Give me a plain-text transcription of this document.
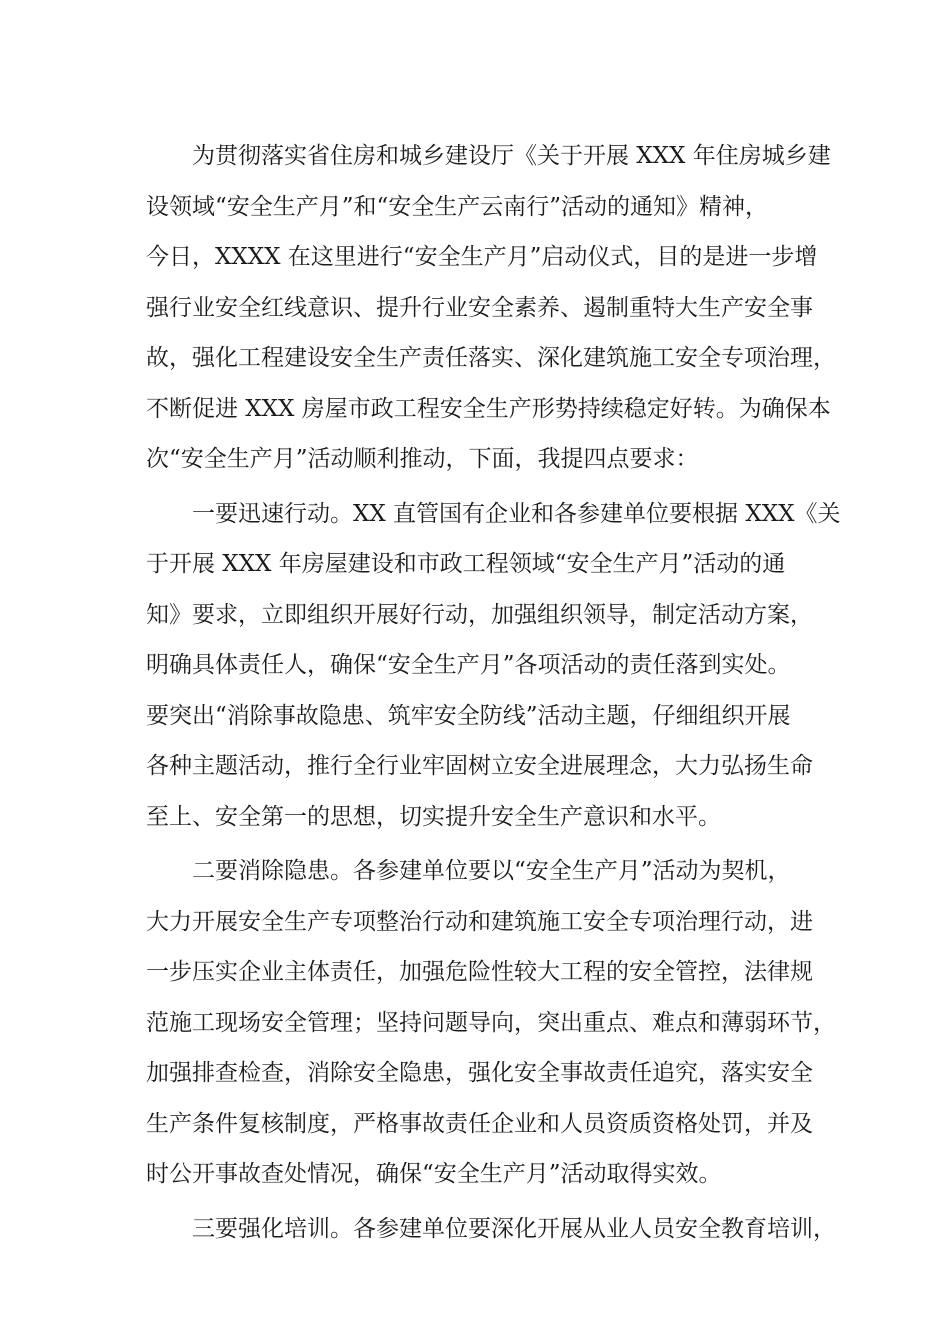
为贯彻落实省住房和城乡建设厅《关于开展 XXX 年住房城乡建
设领域“安全生产月”和“安全生产云南行”活动的通知》精神，
今日，XXXX 在这里进行“安全生产月”启动仪式，目的是进一步增
强行业安全红线意识、提升行业安全素养、遏制重特大生产安全事
故，强化工程建设安全生产责任落实、深化建筑施工安全专项治理，
不断促进 XXX 房屋市政工程安全生产形势持续稳定好转。为确保本
次“安全生产月”活动顺利推动，下面，我提四点要求：
一要迅速行动。XX 直管国有企业和各参建单位要根据 XXX《关
于开展 XXX 年房屋建设和市政工程领域“安全生产月”活动的通
知》要求，立即组织开展好行动，加强组织领导，制定活动方案，
明确具体责任人，确保“安全生产月”各项活动的责任落到实处。
要突出“消除事故隐患、筑牢安全防线”活动主题，仔细组织开展
各种主题活动，推行全行业牢固树立安全进展理念，大力弘扬生命
至上、安全第一的思想，切实提升安全生产意识和水平。
二要消除隐患。各参建单位要以“安全生产月”活动为契机，
大力开展安全生产专项整治行动和建筑施工安全专项治理行动，进
一步压实企业主体责任，加强危险性较大工程的安全管控，法律规
范施工现场安全管理；坚持问题导向，突出重点、难点和薄弱环节，
加强排查检查，消除安全隐患，强化安全事故责任追究，落实安全
生产条件复核制度，严格事故责任企业和人员资质资格处罚，并及
时公开事故查处情况，确保“安全生产月”活动取得实效。
三要强化培训。各参建单位要深化开展从业人员安全教育培训，
